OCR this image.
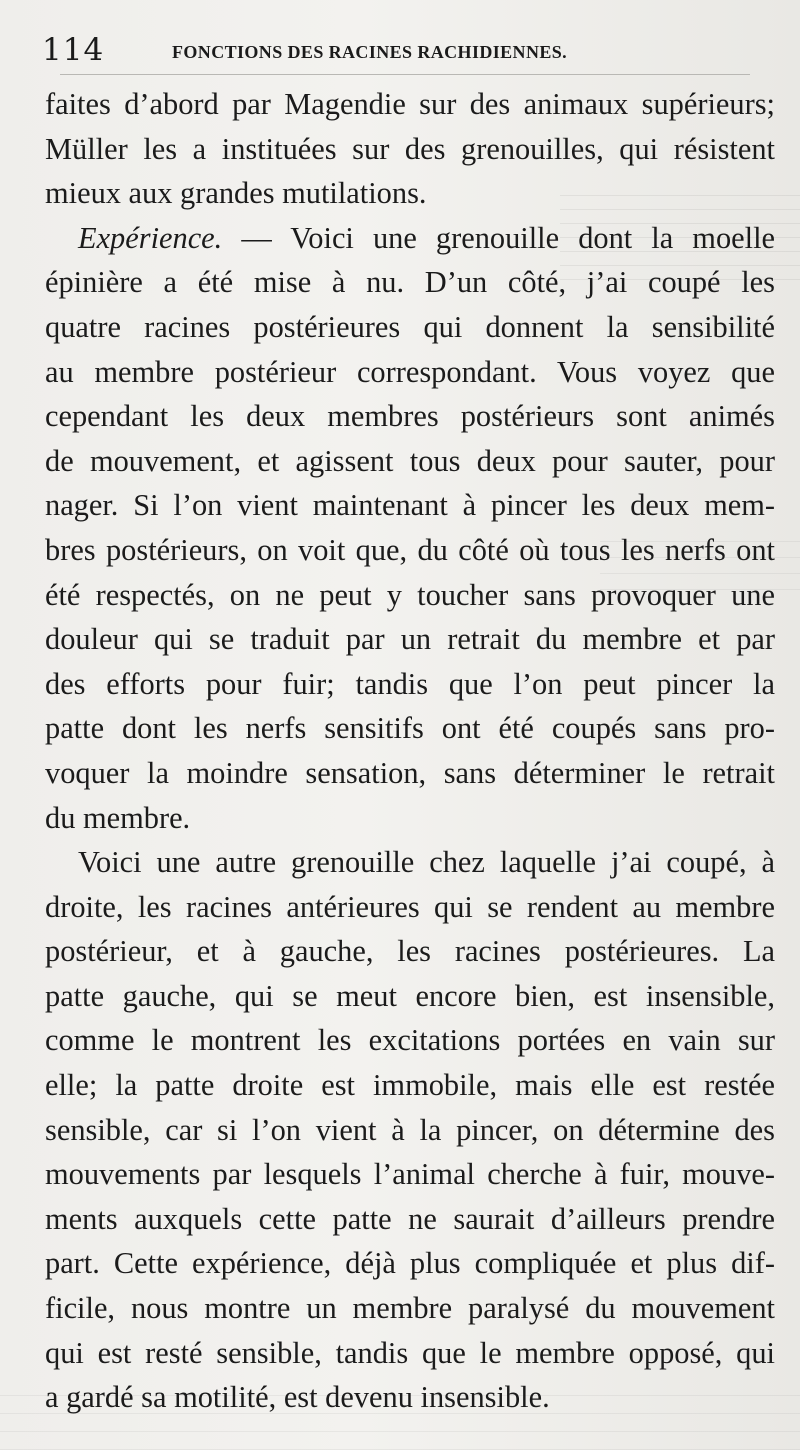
114	FONCTIONS DES RACINES RACHIDIENNES.

faites d’abord par Magendie sur des animaux supérieurs;
Müller les a instituées sur des grenouilles, qui résistent
mieux aux grandes mutilations.

Expérience. — Voici une grenouille dont la moelle
épinière a été mise à nu. D’un côté, j’ai coupé les
quatre racines postérieures qui donnent la sensibilité
au membre postérieur correspondant. Vous voyez que
cependant les deux membres postérieurs sont animés
de mouvement, et agissent tous deux pour sauter, pour
nager. Si l’on vient maintenant à pincer les deux mem-
bres postérieurs, on voit que, du côté où tous les nerfs ont
été respectés, on ne peut y toucher sans provoquer une
douleur qui se traduit par un retrait du membre et par
des efforts pour fuir; tandis que l’on peut pincer la
patte dont les nerfs sensitifs ont été coupés sans pro-
voquer la moindre sensation, sans déterminer le retrait
du membre.

Voici une autre grenouille chez laquelle j’ai coupé, à
droite, les racines antérieures qui se rendent au membre
postérieur, et à gauche, les racines postérieures. La
patte gauche, qui se meut encore bien, est insensible,
comme le montrent les excitations portées en vain sur
elle; la patte droite est immobile, mais elle est restée
sensible, car si l’on vient à la pincer, on détermine des
mouvements par lesquels l’animal cherche à fuir, mouve-
ments auxquels cette patte ne saurait d’ailleurs prendre
part. Cette expérience, déjà plus compliquée et plus dif-
ficile, nous montre un membre paralysé du mouvement
qui est resté sensible, tandis que le membre opposé, qui
a gardé sa motilité, est devenu insensible.
